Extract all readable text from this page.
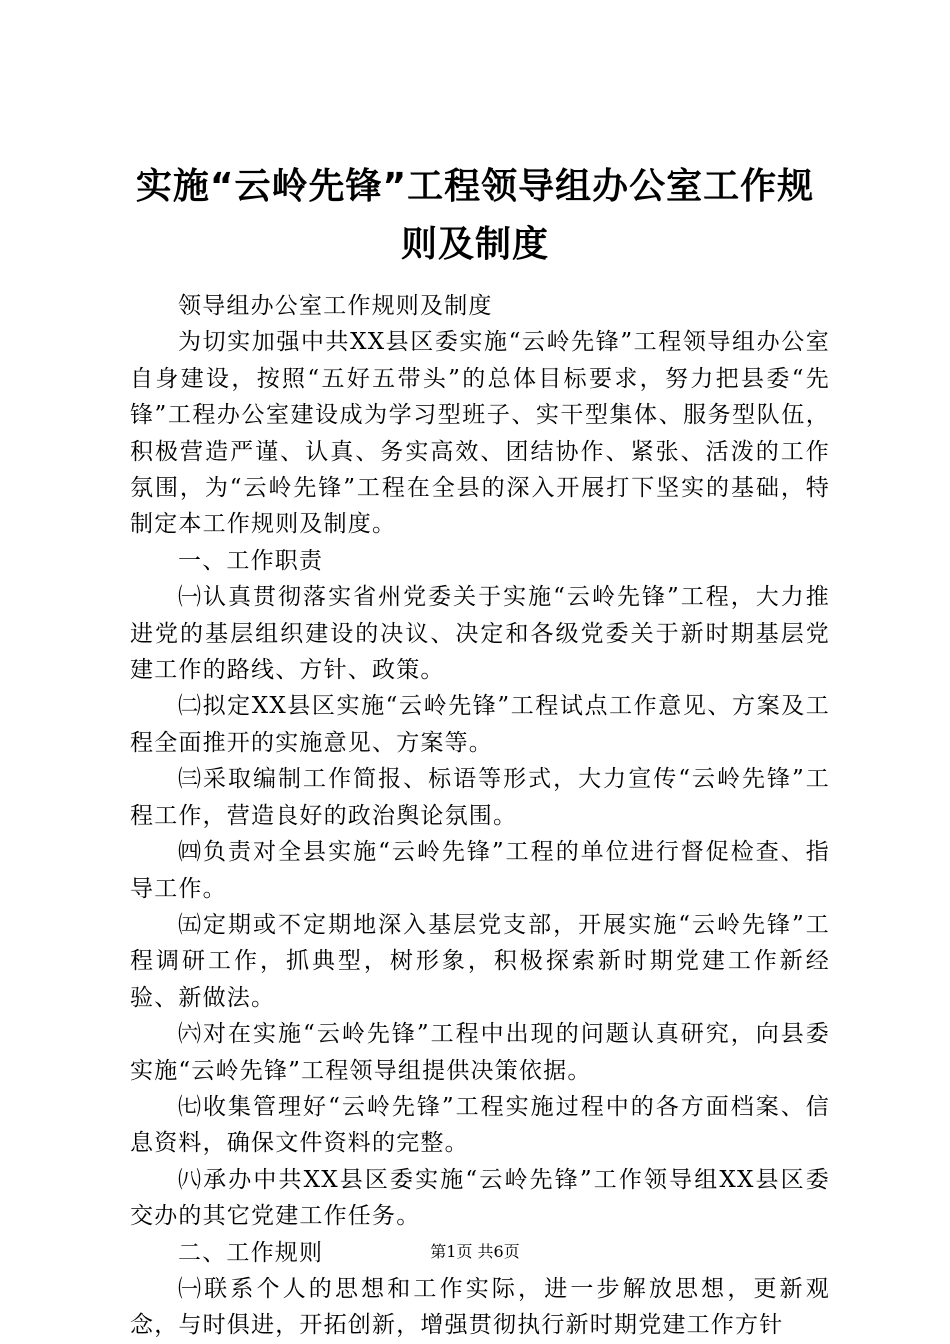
实施“云岭先锋”工程领导组办公室工作规则及制度

领导组办公室工作规则及制度

为切实加强中共XX县区委实施“云岭先锋”工程领导组办公室自身建设，按照“五好五带头”的总体目标要求，努力把县委“先锋”工程办公室建设成为学习型班子、实干型集体、服务型队伍，积极营造严谨、认真、务实高效、团结协作、紧张、活泼的工作氛围，为“云岭先锋”工程在全县的深入开展打下坚实的基础，特制定本工作规则及制度。

一、工作职责

㈠认真贯彻落实省州党委关于实施“云岭先锋”工程，大力推进党的基层组织建设的决议、决定和各级党委关于新时期基层党建工作的路线、方针、政策。

㈡拟定XX县区实施“云岭先锋”工程试点工作意见、方案及工程全面推开的实施意见、方案等。

㈢采取编制工作简报、标语等形式，大力宣传“云岭先锋”工程工作，营造良好的政治舆论氛围。

㈣负责对全县实施“云岭先锋”工程的单位进行督促检查、指导工作。

㈤定期或不定期地深入基层党支部，开展实施“云岭先锋”工程调研工作，抓典型，树形象，积极探索新时期党建工作新经验、新做法。

㈥对在实施“云岭先锋”工程中出现的问题认真研究，向县委实施“云岭先锋”工程领导组提供决策依据。

㈦收集管理好“云岭先锋”工程实施过程中的各方面档案、信息资料，确保文件资料的完整。

㈧承办中共XX县区委实施“云岭先锋”工作领导组XX县区委交办的其它党建工作任务。

二、工作规则

㈠联系个人的思想和工作实际，进一步解放思想，更新观念，与时俱进，开拓创新，增强贯彻执行新时期党建工作方针

第1页 共6页
